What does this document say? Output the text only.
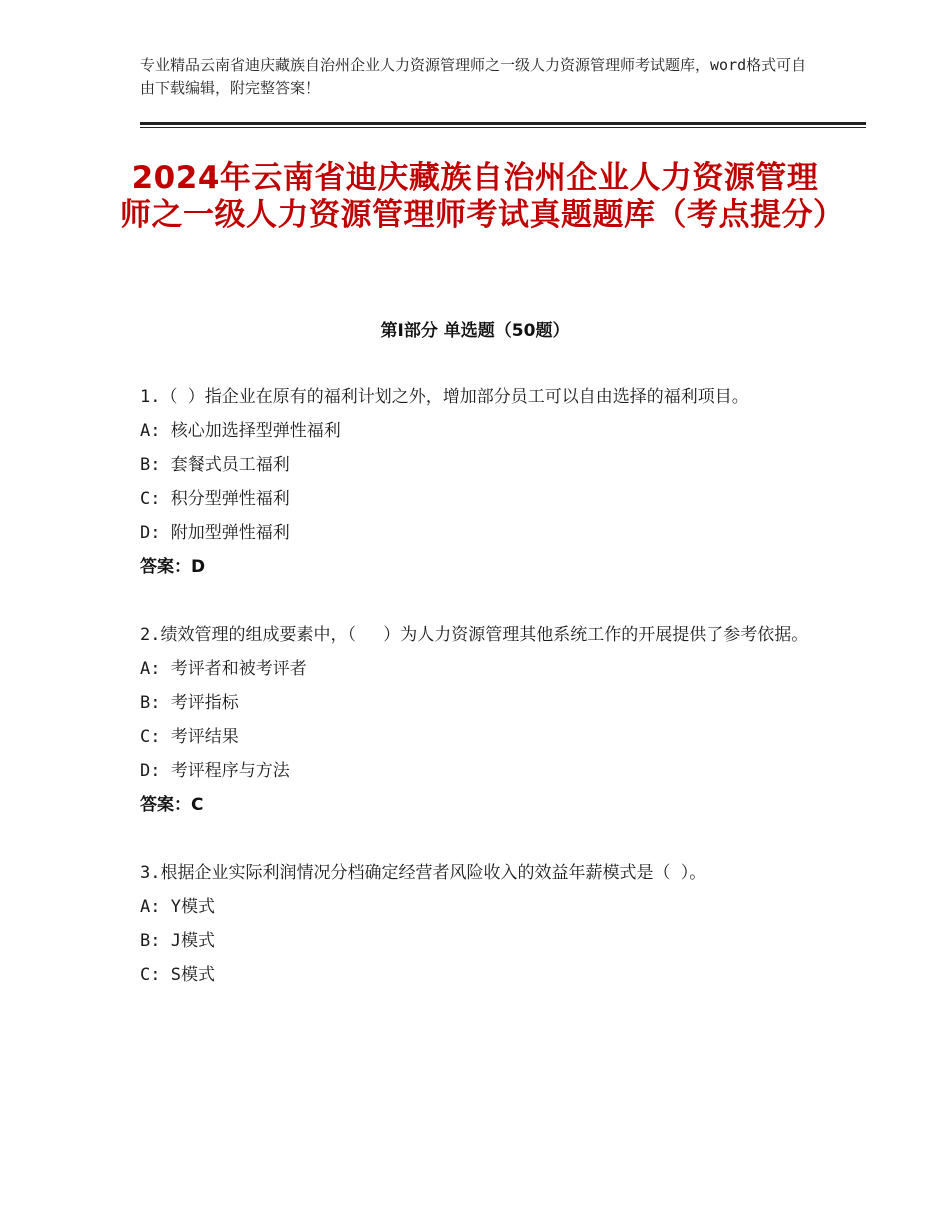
专业精品云南省迪庆藏族自治州企业人力资源管理师之一级人力资源管理师考试题库，word格式可自由下载编辑，附完整答案！
2024年云南省迪庆藏族自治州企业人力资源管理师之一级人力资源管理师考试真题题库（考点提分）
第Ⅰ部分 单选题（50题）
1.（ ）指企业在原有的福利计划之外，增加部分员工可以自由选择的福利项目。
A: 核心加选择型弹性福利
B: 套餐式员工福利
C: 积分型弹性福利
D: 附加型弹性福利
答案：D
2.绩效管理的组成要素中，（　 ）为人力资源管理其他系统工作的开展提供了参考依据。
A: 考评者和被考评者
B: 考评指标
C: 考评结果
D: 考评程序与方法
答案：C
3.根据企业实际利润情况分档确定经营者风险收入的效益年薪模式是（ ）。
A: Y模式
B: J模式
C: S模式
